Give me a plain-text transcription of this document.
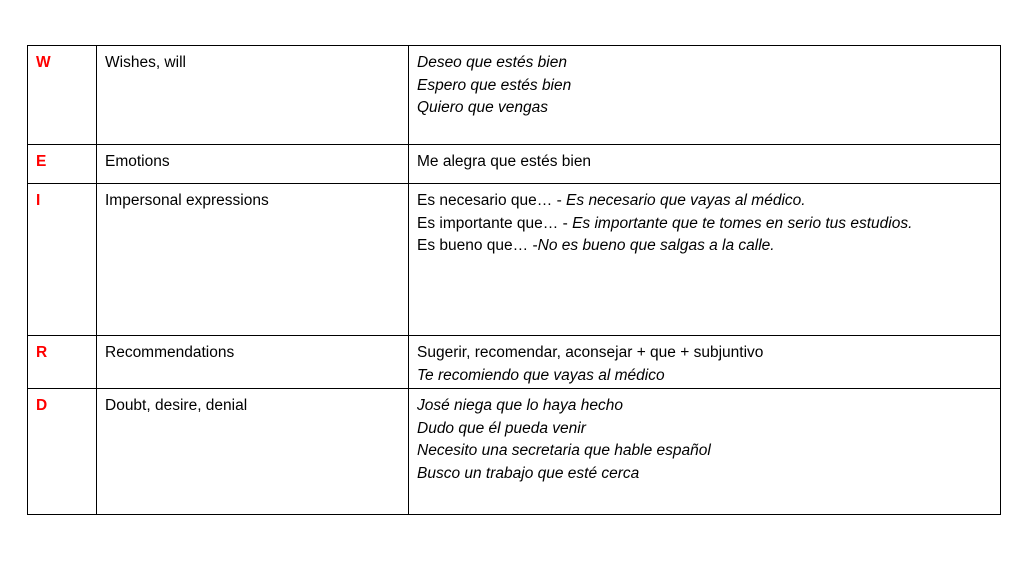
W	Wishes, will	Deseo que estés bien
Espero que estés bien
Quiero que vengas

E	Emotions	Me alegra que estés bien

I	Impersonal expressions	Es necesario que… - Es necesario que vayas al médico.
Es importante que… - Es importante que te tomes en serio tus estudios.
Es bueno que… -No es bueno que salgas a la calle.

R	Recommendations	Sugerir, recomendar, aconsejar + que + subjuntivo
Te recomiendo que vayas al médico

D	Doubt, desire, denial	José niega que lo haya hecho
Dudo que él pueda venir
Necesito una secretaria que hable español
Busco un trabajo que esté cerca
